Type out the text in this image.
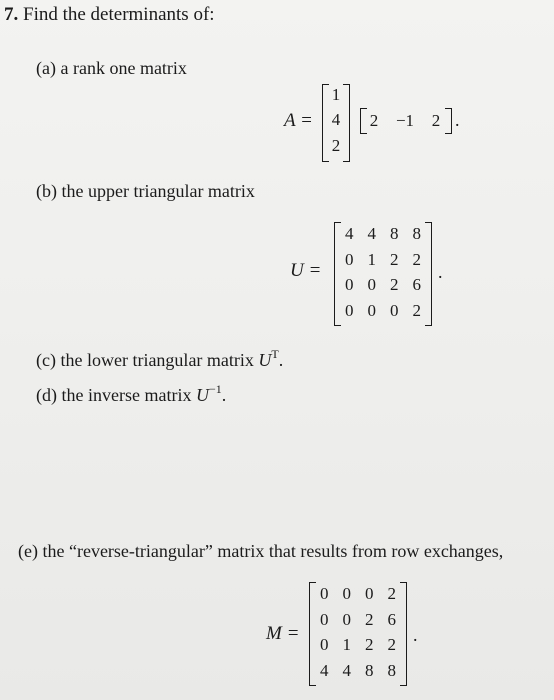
7. Find the determinants of:
(a) a rank one matrix
A =
1
4
2
2	−1	2 .
(b) the upper triangular matrix
U =
4 4 8 8
0 1 2 2
0 0 2 6
0 0 0 2
.
(c) the lower triangular matrix $U^T$.
(d) the inverse matrix $U^{-1}$.
(e) the “reverse-triangular” matrix that results from row exchanges,
M =
0 0 0 2
0 0 2 6
0 1 2 2
4 4 8 8
.
